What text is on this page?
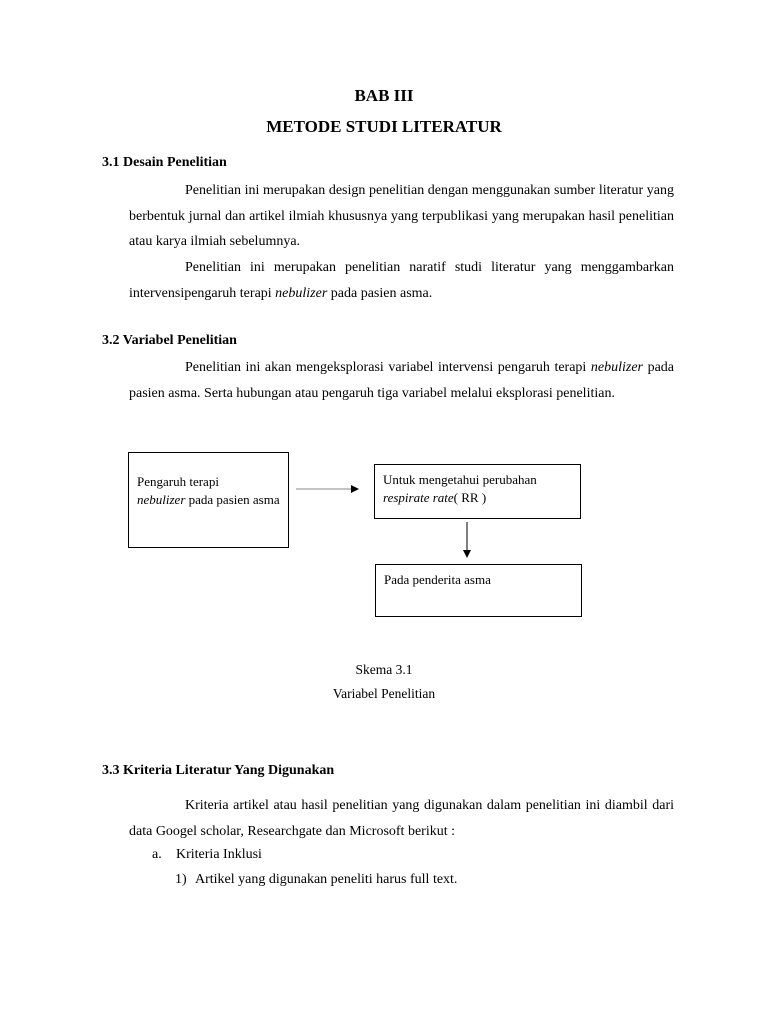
BAB III
METODE STUDI LITERATUR
3.1 Desain Penelitian

Penelitian ini merupakan design penelitian dengan menggunakan sumber literatur yang berbentuk jurnal dan artikel ilmiah khususnya yang terpublikasi yang merupakan hasil penelitian atau karya ilmiah sebelumnya.

Penelitian ini merupakan penelitian naratif studi literatur yang menggambarkan intervensipengaruh terapi nebulizer pada pasien asma.

3.2 Variabel Penelitian

Penelitian ini akan mengeksplorasi variabel intervensi pengaruh terapi nebulizer pada pasien asma. Serta hubungan atau pengaruh tiga variabel melalui eksplorasi penelitian.

Pengaruh terapi
nebulizer pada pasien asma
Untuk mengetahui perubahan
respirate rate( RR )
Pada penderita asma
Skema 3.1
Variabel Penelitian
3.3 Kriteria Literatur Yang Digunakan

Kriteria artikel atau hasil penelitian yang digunakan dalam penelitian ini diambil dari data Googel scholar, Researchgate dan Microsoft berikut :

a. Kriteria Inklusi
1) Artikel yang digunakan peneliti harus full text.
